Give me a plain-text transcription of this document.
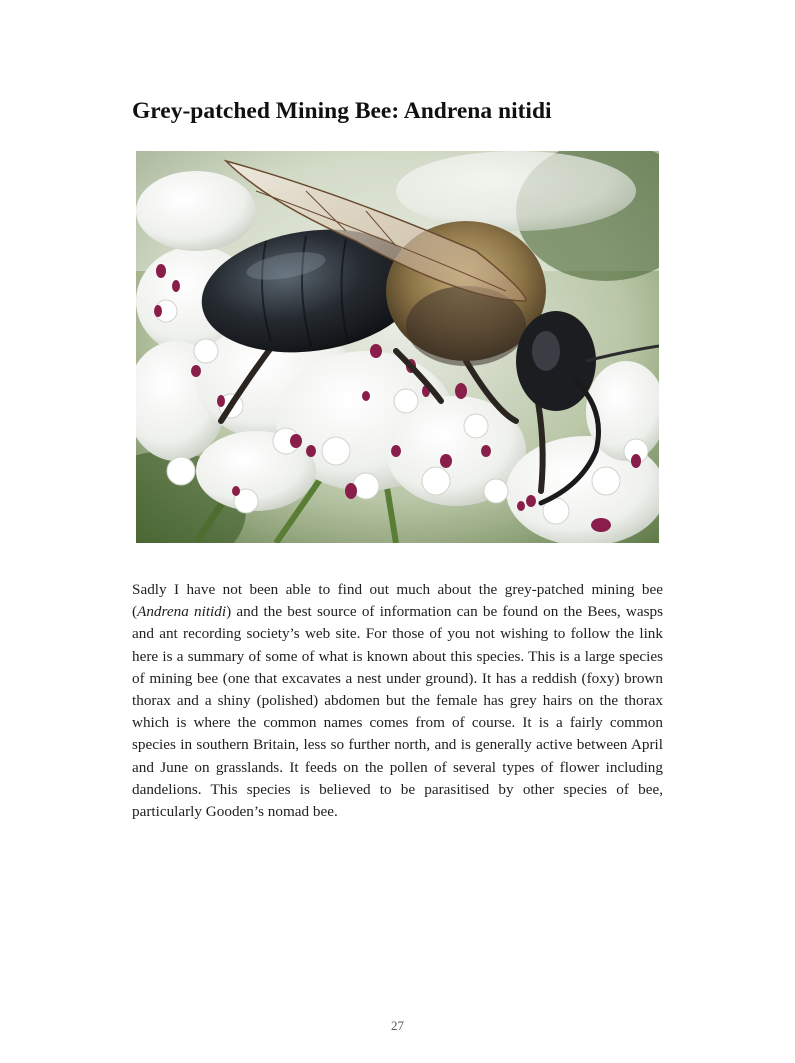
Grey-patched Mining Bee: Andrena nitidi

Sadly I have not been able to find out much about the grey-patched mining bee (Andrena nitidi) and the best source of information can be found on the Bees, wasps and ant recording society’s web site. For those of you not wishing to follow the link here is a summary of some of what is known about this species. This is a large species of mining bee (one that excavates a nest under ground). It has a reddish (foxy) brown thorax and a shiny (polished) abdomen but the female has grey hairs on the thorax which is where the common names comes from of course. It is a fairly common species in southern Britain, less so further north, and is generally active between April and June on grasslands. It feeds on the pollen of several types of flower including dandelions. This species is believed to be parasitised by other species of bee, particularly Gooden’s nomad bee.

27
